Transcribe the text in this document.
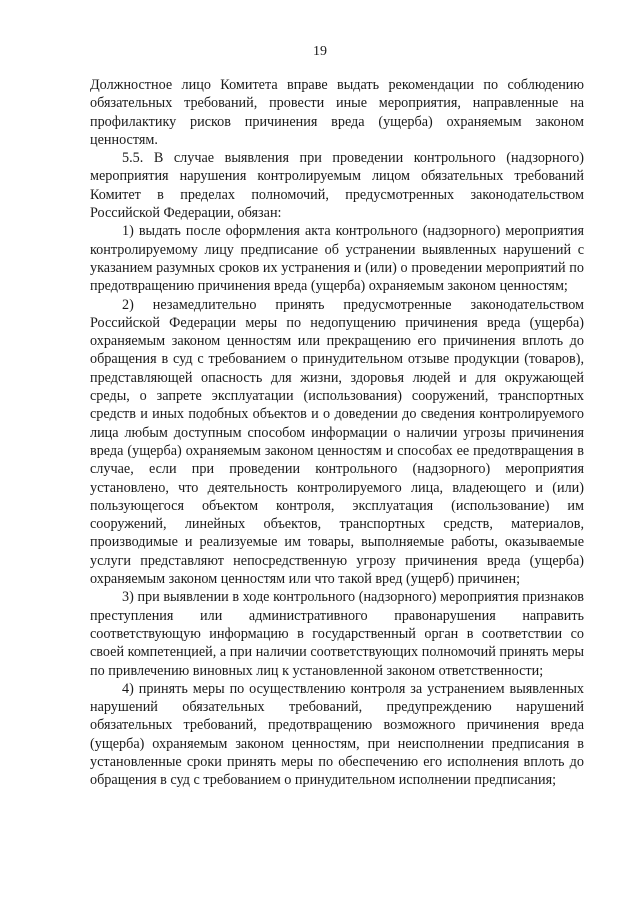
19

Должностное лицо Комитета вправе выдать рекомендации по соблюдению обязательных требований, провести иные мероприятия, направленные на профилактику рисков причинения вреда (ущерба) охраняемым законом ценностям.

5.5. В случае выявления при проведении контрольного (надзорного) мероприятия нарушения контролируемым лицом обязательных требований Комитет в пределах полномочий, предусмотренных законодательством Российской Федерации, обязан:

1) выдать после оформления акта контрольного (надзорного) мероприятия контролируемому лицу предписание об устранении выявленных нарушений с указанием разумных сроков их устранения и (или) о проведении мероприятий по предотвращению причинения вреда (ущерба) охраняемым законом ценностям;

2) незамедлительно принять предусмотренные законодательством Российской Федерации меры по недопущению причинения вреда (ущерба) охраняемым законом ценностям или прекращению его причинения вплоть до обращения в суд с требованием о принудительном отзыве продукции (товаров), представляющей опасность для жизни, здоровья людей и для окружающей среды, о запрете эксплуатации (использования) сооружений, транспортных средств и иных подобных объектов и о доведении до сведения контролируемого лица любым доступным способом информации о наличии угрозы причинения вреда (ущерба) охраняемым законом ценностям и способах ее предотвращения в случае, если при проведении контрольного (надзорного) мероприятия установлено, что деятельность контролируемого лица, владеющего и (или) пользующегося объектом контроля, эксплуатация (использование) им сооружений, линейных объектов, транспортных средств, материалов, производимые и реализуемые им товары, выполняемые работы, оказываемые услуги представляют непосредственную угрозу причинения вреда (ущерба) охраняемым законом ценностям или что такой вред (ущерб) причинен;

3) при выявлении в ходе контрольного (надзорного) мероприятия признаков преступления или административного правонарушения направить соответствующую информацию в государственный орган в соответствии со своей компетенцией, а при наличии соответствующих полномочий принять меры по привлечению виновных лиц к установленной законом ответственности;

4) принять меры по осуществлению контроля за устранением выявленных нарушений обязательных требований, предупреждению нарушений обязательных требований, предотвращению возможного причинения вреда (ущерба) охраняемым законом ценностям, при неисполнении предписания в установленные сроки принять меры по обеспечению его исполнения вплоть до обращения в суд с требованием о принудительном исполнении предписания;
